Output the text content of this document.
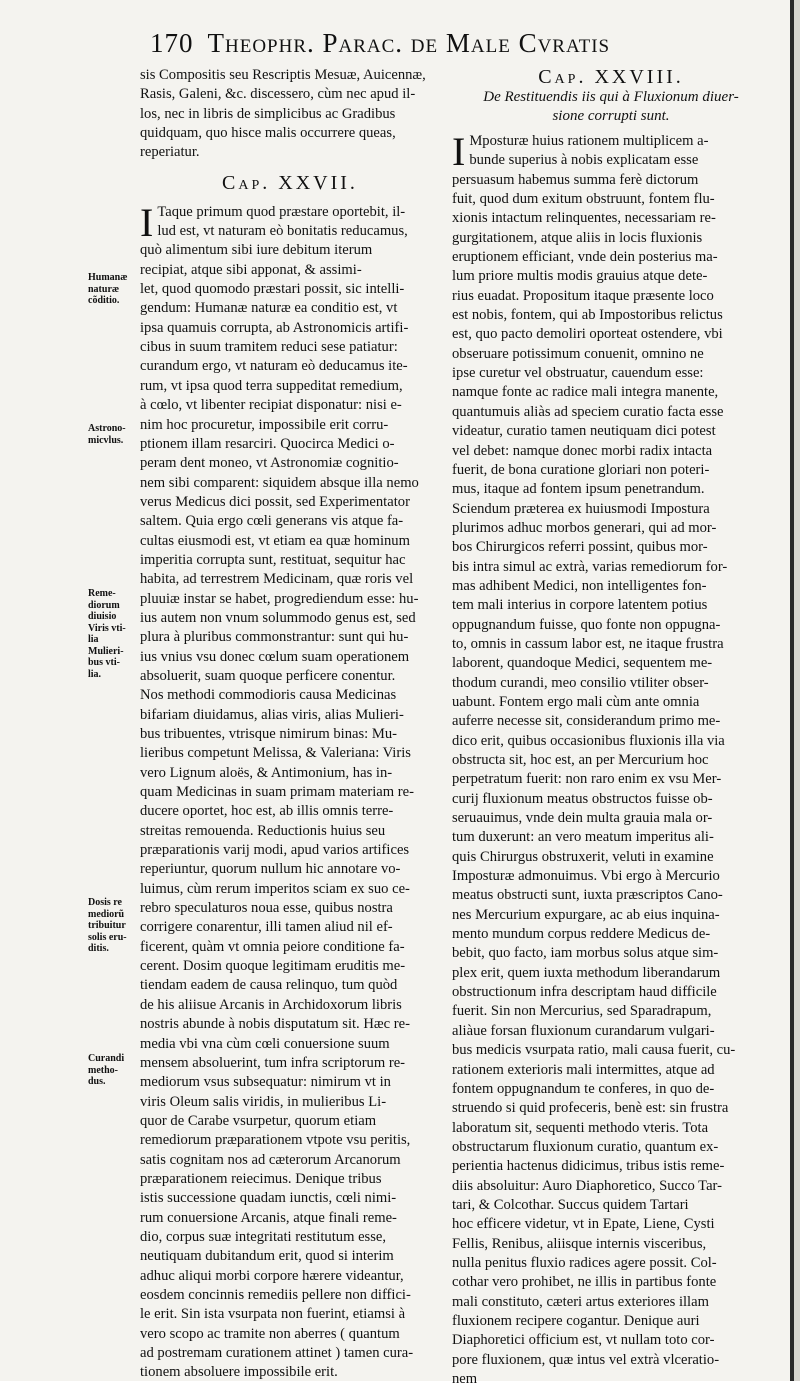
170 Theophr. Parac. de Male Cvratis
sis Compositis seu Rescriptis Mesuæ, Auicennæ,
Rasis, Galeni, &c. discessero, cùm nec apud il-
los, nec in libris de simplicibus ac Gradibus
quidquam, quo hisce malis occurrere queas,
reperiatur.
Cap. XXVII.
I Taque primum quod præstare oportebit, il-
lud est, vt naturam eò bonitatis reducamus,
quò alimentum sibi iure debitum iterum
recipiat, atque sibi apponat, & assimi-
let, quod quomodo præstari possit, sic intelli-
gendum: Humanæ naturæ ea conditio est, vt
ipsa quamuis corrupta, ab Astronomicis artifi-
cibus in suum tramitem reduci sese patiatur:
curandum ergo, vt naturam eò deducamus ite-
rum, vt ipsa quod terra suppeditat remedium,
à cœlo, vt libenter recipiat disponatur: nisi e-
nim hoc procuretur, impossibile erit corru-
ptionem illam resarciri. Quocirca Medici o-
peram dent moneo, vt Astronomiæ cognitio-
nem sibi comparent: siquidem absque illa nemo
verus Medicus dici possit, sed Experimentator
saltem. Quia ergo cœli generans vis atque fa-
cultas eiusmodi est, vt etiam ea quæ hominum
imperitia corrupta sunt, restituat, sequitur hac
habita, ad terrestrem Medicinam, quæ roris vel
pluuiæ instar se habet, progrediendum esse: hu-
ius autem non vnum solummodo genus est, sed
plura à pluribus commonstrantur: sunt qui hu-
ius vnius vsu donec cœlum suam operationem
absoluerit, suam quoque perficere conentur.
Nos methodi commodioris causa Medicinas
bifariam diuidamus, alias viris, alias Mulieri-
bus tribuentes, vtrisque nimirum binas: Mu-
lieribus competunt Melissa, & Valeriana: Viris
vero Lignum aloës, & Antimonium, has in-
quam Medicinas in suam primam materiam re-
ducere oportet, hoc est, ab illis omnis terre-
streitas remouenda. Reductionis huius seu
præparationis varij modi, apud varios artifices
reperiuntur, quorum nullum hic annotare vo-
luimus, cùm rerum imperitos sciam ex suo ce-
rebro speculaturos noua esse, quibus nostra
corrigere conarentur, illi tamen aliud nil ef-
ficerent, quàm vt omnia peiore conditione fa-
cerent. Dosim quoque legitimam eruditis me-
tiendam eadem de causa relinquo, tum quòd
de his aliisue Arcanis in Archidoxorum libris
nostris abunde à nobis disputatum sit. Hæc re-
media vbi vna cùm cœli conuersione suum
mensem absoluerint, tum infra scriptorum re-
mediorum vsus subsequatur: nimirum vt in
viris Oleum salis viridis, in mulieribus Li-
quor de Carabe vsurpetur, quorum etiam
remediorum præparationem vtpote vsu peritis,
satis cognitam nos ad cæterorum Arcanorum
præparationem reiecimus. Denique tribus
istis successione quadam iunctis, cœli nimi-
rum conuersione Arcanis, atque finali reme-
dio, corpus suæ integritati restitutum esse,
neutiquam dubitandum erit, quod si interim
adhuc aliqui morbi corpore hærere videantur,
eosdem concinnis remediis pellere non diffici-
le erit. Sin ista vsurpata non fuerint, etiamsi à
vero scopo ac tramite non aberres ( quantum
ad postremam curationem attinet ) tamen cura-
tionem absoluere impossibile erit.
Cap. XXVIII.
De Restituendis iis qui à Fluxionum diuer-
sione corrupti sunt.
I Mposturæ huius rationem multiplicem a-
bunde superius à nobis explicatam esse
persuasum habemus summa ferè dictorum
fuit, quod dum exitum obstruunt, fontem flu-
xionis intactum relinquentes, necessariam re-
gurgitationem, atque aliis in locis fluxionis
eruptionem efficiant, vnde dein posterius ma-
lum priore multis modis grauius atque dete-
rius euadat. Propositum itaque præsente loco
est nobis, fontem, qui ab Impostoribus relictus
est, quo pacto demoliri oporteat ostendere, vbi
obseruare potissimum conuenit, omnino ne
ipse curetur vel obstruatur, cauendum esse:
namque fonte ac radice mali integra manente,
quantumuis aliàs ad speciem curatio facta esse
videatur, curatio tamen neutiquam dici potest
vel debet: namque donec morbi radix intacta
fuerit, de bona curatione gloriari non poteri-
mus, itaque ad fontem ipsum penetrandum.
Sciendum præterea ex huiusmodi Impostura
plurimos adhuc morbos generari, qui ad mor-
bos Chirurgicos referri possint, quibus mor-
bis intra simul ac extrà, varias remediorum for-
mas adhibent Medici, non intelligentes fon-
tem mali interius in corpore latentem potius
oppugnandum fuisse, quo fonte non oppugna-
to, omnis in cassum labor est, ne itaque frustra
laborent, quandoque Medici, sequentem me-
thodum curandi, meo consilio vtiliter obser-
uabunt. Fontem ergo mali cùm ante omnia
auferre necesse sit, considerandum primo me-
dico erit, quibus occasionibus fluxionis illa via
obstructa sit, hoc est, an per Mercurium hoc
perpetratum fuerit: non raro enim ex vsu Mer-
curij fluxionum meatus obstructos fuisse ob-
seruauimus, vnde dein multa grauia mala or-
tum duxerunt: an vero meatum imperitus ali-
quis Chirurgus obstruxerit, veluti in examine
Imposturæ admonuimus. Vbi ergo à Mercurio
meatus obstructi sunt, iuxta præscriptos Cano-
nes Mercurium expurgare, ac ab eius inquina-
mento mundum corpus reddere Medicus de-
bebit, quo facto, iam morbus solus atque sim-
plex erit, quem iuxta methodum liberandarum
obstructionum infra descriptam haud difficile
fuerit. Sin non Mercurius, sed Sparadrapum,
aliàue forsan fluxionum curandarum vulgari-
bus medicis vsurpata ratio, mali causa fuerit, cu-
rationem exterioris mali intermittes, atque ad
fontem oppugnandum te conferes, in quo de-
struendo si quid profeceris, benè est: sin frustra
laboratum sit, sequenti methodo vteris. Tota
obstructarum fluxionum curatio, quantum ex-
perientia hactenus didicimus, tribus istis reme-
diis absoluitur: Auro Diaphoretico, Succo Tar-
tari, & Colcothar. Succus quidem Tartari
hoc efficere videtur, vt in Epate, Liene, Cysti
Fellis, Renibus, aliisque internis visceribus,
nulla penitus fluxio radices agere possit. Col-
cothar vero prohibet, ne illis in partibus fonte
mali constituto, cæteri artus exteriores illam
fluxionem recipere cogantur. Denique auri
Diaphoretici officium est, vt nullam toto cor-
pore fluxionem, quæ intus vel extrà vlceratio-
nem
Humanæ
naturæ
cõditio.
Astrono-
micvlus.
Reme-
diorum
diuisio
Viris vti-
lia
Mulieri-
bus vti-
lia.
Dosis re
mediorũ
tribuitur
solis eru-
ditis.
Curandi
metho-
dus.
